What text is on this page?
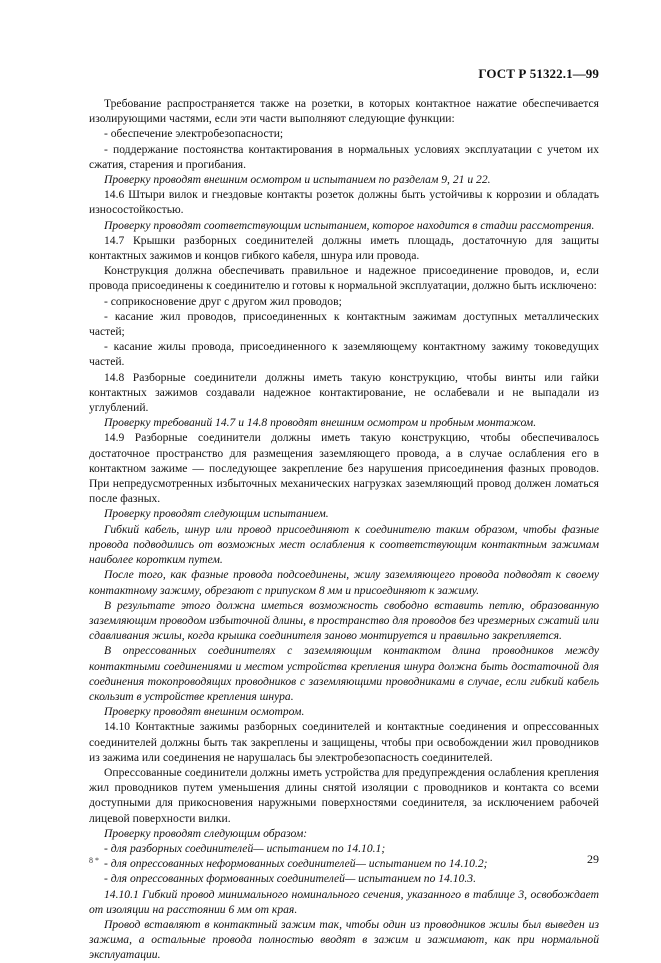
ГОСТ Р 51322.1—99

Требование распространяется также на розетки, в которых контактное нажатие обеспечивается изолирующими частями, если эти части выполняют следующие функции:

- обеспечение электробезопасности;

- поддержание постоянства контактирования в нормальных условиях эксплуатации с учетом их сжатия, старения и прогибания.

Проверку проводят внешним осмотром и испытанием по разделам 9, 21 и 22.

14.6 Штыри вилок и гнездовые контакты розеток должны быть устойчивы к коррозии и обладать износостойкостью.

Проверку проводят соответствующим испытанием, которое находится в стадии рассмотрения.

14.7 Крышки разборных соединителей должны иметь площадь, достаточную для защиты контактных зажимов и концов гибкого кабеля, шнура или провода.

Конструкция должна обеспечивать правильное и надежное присоединение проводов, и, если провода присоединены к соединителю и готовы к нормальной эксплуатации, должно быть исключено:

- соприкосновение друг с другом жил проводов;

- касание жил проводов, присоединенных к контактным зажимам доступных металлических частей;

- касание жилы провода, присоединенного к заземляющему контактному зажиму токоведущих частей.

14.8 Разборные соединители должны иметь такую конструкцию, чтобы винты или гайки контактных зажимов создавали надежное контактирование, не ослабевали и не выпадали из углублений.

Проверку требований 14.7 и 14.8 проводят внешним осмотром и пробным монтажом.

14.9 Разборные соединители должны иметь такую конструкцию, чтобы обеспечивалось достаточное пространство для размещения заземляющего провода, а в случае ослабления его в контактном зажиме — последующее закрепление без нарушения присоединения фазных проводов. При непредусмотренных избыточных механических нагрузках заземляющий провод должен ломаться после фазных.

Проверку проводят следующим испытанием.

Гибкий кабель, шнур или провод присоединяют к соединителю таким образом, чтобы фазные провода подводились от возможных мест ослабления к соответствующим контактным зажимам наиболее коротким путем.

После того, как фазные провода подсоединены, жилу заземляющего провода подводят к своему контактному зажиму, обрезают с припуском 8 мм и присоединяют к зажиму.

В результате этого должна иметься возможность свободно вставить петлю, образованную заземляющим проводом избыточной длины, в пространство для проводов без чрезмерных сжатий или сдавливания жилы, когда крышка соединителя заново монтируется и правильно закрепляется.

В опрессованных соединителях с заземляющим контактом длина проводников между контактными соединениями и местом устройства крепления шнура должна быть достаточной для соединения токопроводящих проводников с заземляющими проводниками в случае, если гибкий кабель скользит в устройстве крепления шнура.

Проверку проводят внешним осмотром.

14.10 Контактные зажимы разборных соединителей и контактные соединения и опрессованных соединителей должны быть так закреплены и защищены, чтобы при освобождении жил проводников из зажима или соединения не нарушалась бы электробезопасность соединителей.

Опрессованные соединители должны иметь устройства для предупреждения ослабления крепления жил проводников путем уменьшения длины снятой изоляции с проводников и контакта со всеми доступными для прикосновения наружными поверхностями соединителя, за исключением рабочей лицевой поверхности вилки.

Проверку проводят следующим образом:

- для разборных соединителей— испытанием по 14.10.1;

- для опрессованных неформованных соединителей— испытанием по 14.10.2;

- для опрессованных формованных соединителей— испытанием по 14.10.3.

14.10.1 Гибкий провод минимального номинального сечения, указанного в таблице 3, освобождает от изоляции на расстоянии 6 мм от края.

Провод вставляют в контактный зажим так, чтобы один из проводников жилы был выведен из зажима, а остальные провода полностью вводят в зажим и зажимают, как при нормальной эксплуатации.

8 *	29
